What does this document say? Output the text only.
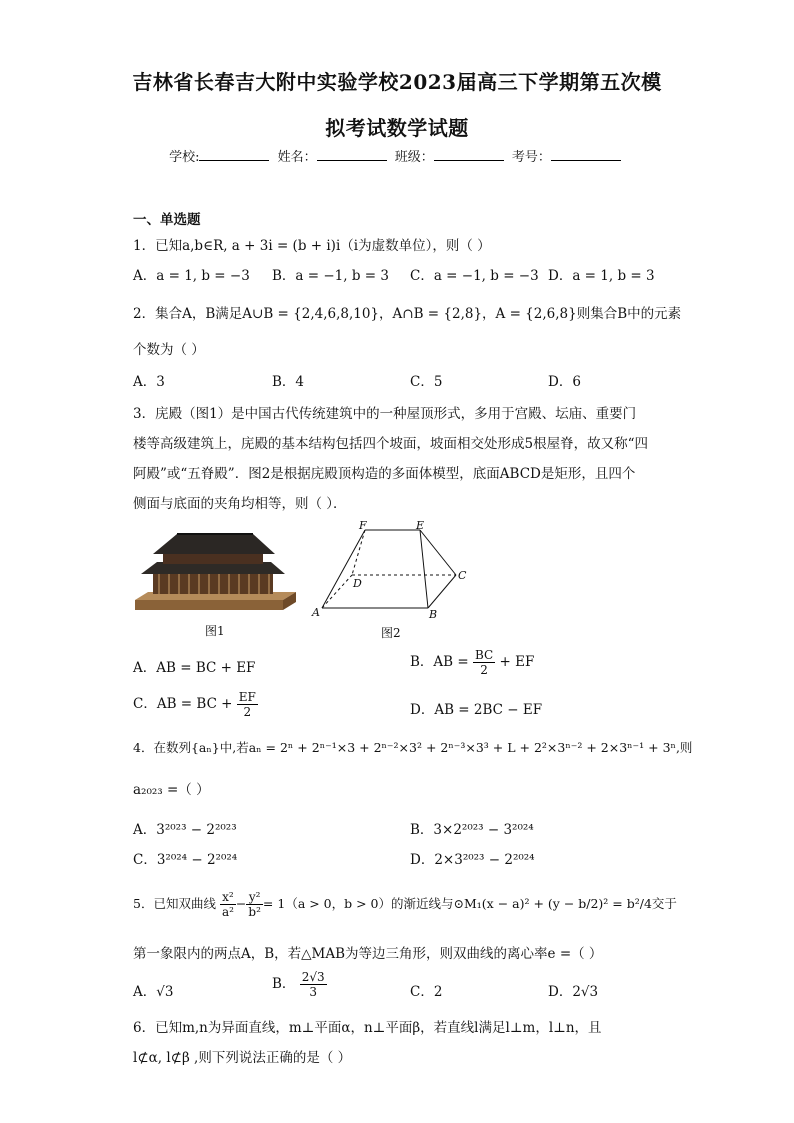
吉林省长春吉大附中实验学校2023届高三下学期第五次模
拟考试数学试题
学校:	姓名：	班级：	考号：
一、单选题
1．已知a,b∈R, a + 3i = (b + i)i（i为虚数单位），则（ ）
A．a = 1, b = −3 B．a = −1, b = 3 C．a = −1, b = −3 D．a = 1, b = 3
2．集合A，B满足A∪B = {2,4,6,8,10}，A∩B = {2,8}，A = {2,6,8}则集合B中的元素
个数为（ ）
A．3	B．4	C．5	D．6
3．庑殿（图1）是中国古代传统建筑中的一种屋顶形式，多用于宫殿、坛庙、重要门
楼等高级建筑上，庑殿的基本结构包括四个坡面，坡面相交处形成5根屋脊，故又称“四
阿殿”或“五脊殿”．图2是根据庑殿顶构造的多面体模型，底面ABCD是矩形，且四个
侧面与底面的夹角均相等，则（ ）．
图1
F	E
C
D
A	B
图2
A．AB = BC + EF	B．AB = $\frac{BC}{2}$ + EF
C．AB = BC + $\frac{EF}{2}$	D．AB = 2BC − EF
4．在数列{aₙ}中,若aₙ = 2ⁿ + 2ⁿ⁻¹×3 + 2ⁿ⁻²×3² + 2ⁿ⁻³×3³ + L + 2²×3ⁿ⁻² + 2×3ⁿ⁻¹ + 3ⁿ,则
a₂₀₂₃ =（ ）
A．3²⁰²³ − 2²⁰²³	B．3×2²⁰²³ − 3²⁰²⁴
C．3²⁰²⁴ − 2²⁰²⁴	D．2×3²⁰²³ − 2²⁰²⁴
5．已知双曲线 $\frac{\text{x²}}{\text{a²}} - \frac{\text{y²}}{\text{b²}} = 1(a > 0$，b > 0）的渐近线与⊙M₁(x − a)² + (y − b/2)² = b²/4交于
第一象限内的两点A，B，若△MAB为等边三角形，则双曲线的离心率e =（ ）
A．√3	B． $\frac{2√3}{3}$	C．2	D．2√3
6．已知m,n为异面直线，m⊥平面α，n⊥平面β，若直线l满足l⊥m，l⊥n，且
l⊄α, l⊄β ,则下列说法正确的是（ ）
